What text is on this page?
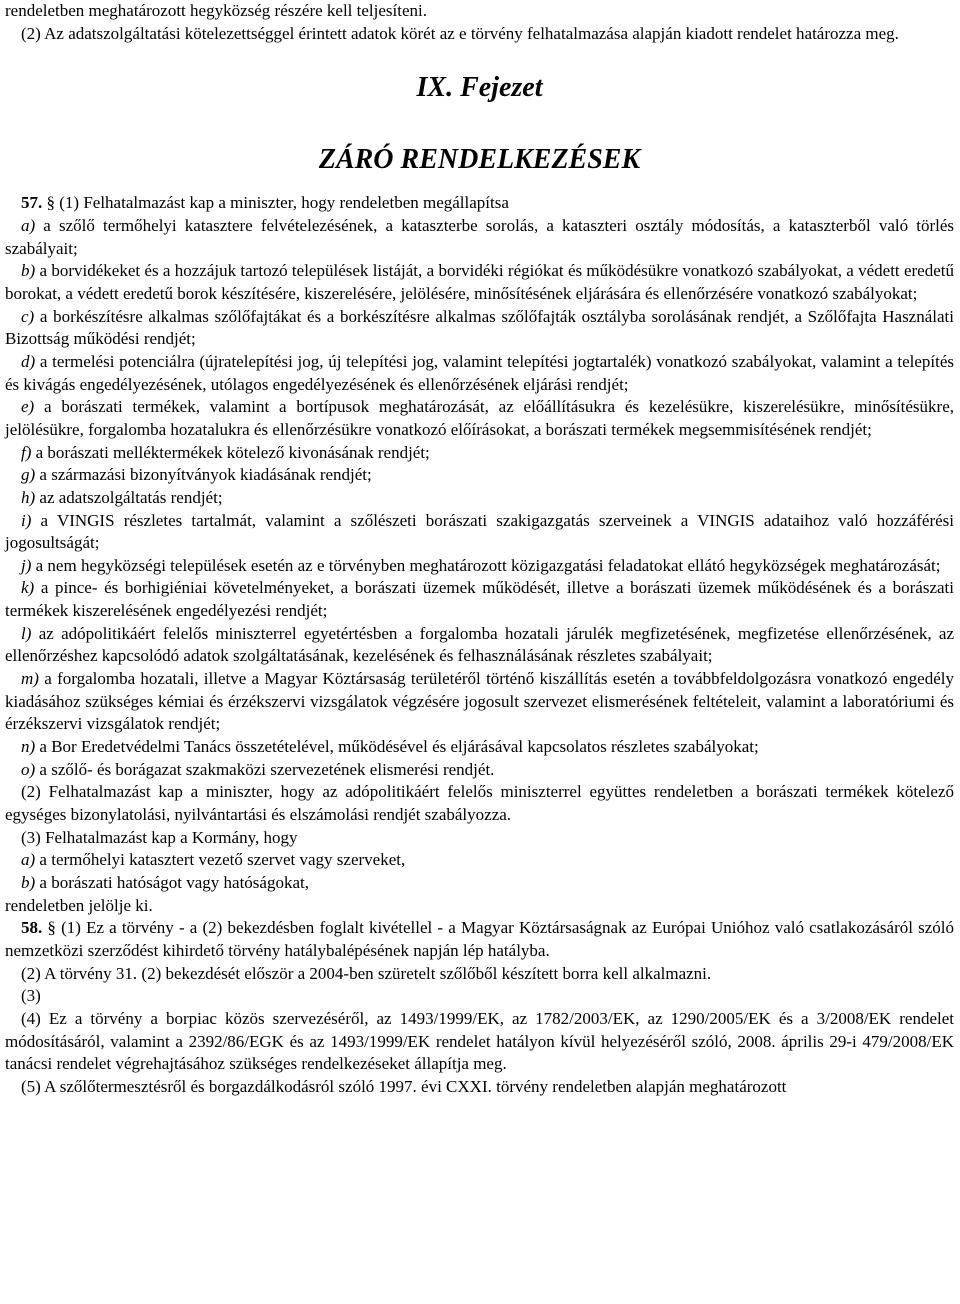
rendeletben meghatározott hegyközség részére kell teljesíteni.

(2) Az adatszolgáltatási kötelezettséggel érintett adatok körét az e törvény felhatalmazása alapján kiadott rendelet határozza meg.

IX. Fejezet
ZÁRÓ RENDELKEZÉSEK

57. § (1) Felhatalmazást kap a miniszter, hogy rendeletben megállapítsa

a) a szőlő termőhelyi katasztere felvételezésének, a kataszterbe sorolás, a kataszteri osztály módosítás, a kataszterből való törlés szabályait;

b) a borvidékeket és a hozzájuk tartozó települések listáját, a borvidéki régiókat és működésükre vonatkozó szabályokat, a védett eredetű borokat, a védett eredetű borok készítésére, kiszerelésére, jelölésére, minősítésének eljárására és ellenőrzésére vonatkozó szabályokat;

c) a borkészítésre alkalmas szőlőfajtákat és a borkészítésre alkalmas szőlőfajták osztályba sorolásának rendjét, a Szőlőfajta Használati Bizottság működési rendjét;

d) a termelési potenciálra (újratelepítési jog, új telepítési jog, valamint telepítési jogtartalék) vonatkozó szabályokat, valamint a telepítés és kivágás engedélyezésének, utólagos engedélyezésének és ellenőrzésének eljárási rendjét;

e) a borászati termékek, valamint a bortípusok meghatározását, az előállításukra és kezelésükre, kiszerelésükre, minősítésükre, jelölésükre, forgalomba hozatalukra és ellenőrzésükre vonatkozó előírásokat, a borászati termékek megsemmisítésének rendjét;

f) a borászati melléktermékek kötelező kivonásának rendjét;

g) a származási bizonyítványok kiadásának rendjét;

h) az adatszolgáltatás rendjét;

i) a VINGIS részletes tartalmát, valamint a szőlészeti borászati szakigazgatás szerveinek a VINGIS adataihoz való hozzáférési jogosultságát;

j) a nem hegyközségi települések esetén az e törvényben meghatározott közigazgatási feladatokat ellátó hegyközségek meghatározását;

k) a pince- és borhigiéniai követelményeket, a borászati üzemek működését, illetve a borászati üzemek működésének és a borászati termékek kiszerelésének engedélyezési rendjét;

l) az adópolitikáért felelős miniszterrel egyetértésben a forgalomba hozatali járulék megfizetésének, megfizetése ellenőrzésének, az ellenőrzéshez kapcsolódó adatok szolgáltatásának, kezelésének és felhasználásának részletes szabályait;

m) a forgalomba hozatali, illetve a Magyar Köztársaság területéről történő kiszállítás esetén a továbbfeldolgozásra vonatkozó engedély kiadásához szükséges kémiai és érzékszervi vizsgálatok végzésére jogosult szervezet elismerésének feltételeit, valamint a laboratóriumi és érzékszervi vizsgálatok rendjét;

n) a Bor Eredetvédelmi Tanács összetételével, működésével és eljárásával kapcsolatos részletes szabályokat;

o) a szőlő- és borágazat szakmaközi szervezetének elismerési rendjét.

(2) Felhatalmazást kap a miniszter, hogy az adópolitikáért felelős miniszterrel együttes rendeletben a borászati termékek kötelező egységes bizonylatolási, nyilvántartási és elszámolási rendjét szabályozza.

(3) Felhatalmazást kap a Kormány, hogy

a) a termőhelyi katasztert vezető szervet vagy szerveket,

b) a borászati hatóságot vagy hatóságokat,

rendeletben jelölje ki.

58. § (1) Ez a törvény - a (2) bekezdésben foglalt kivétellel - a Magyar Köztársaságnak az Európai Unióhoz való csatlakozásáról szóló nemzetközi szerződést kihirdető törvény hatálybalépésének napján lép hatályba.

(2) A törvény 31. (2) bekezdését először a 2004-ben szüretelt szőlőből készített borra kell alkalmazni.

(3)

(4) Ez a törvény a borpiac közös szervezéséről, az 1493/1999/EK, az 1782/2003/EK, az 1290/2005/EK és a 3/2008/EK rendelet módosításáról, valamint a 2392/86/EGK és az 1493/1999/EK rendelet hatályon kívül helyezéséről szóló, 2008. április 29-i 479/2008/EK tanácsi rendelet végrehajtásához szükséges rendelkezéseket állapítja meg.

(5) A szőlőtermesztésről és borgazdálkodásról szóló 1997. évi CXXI. törvény rendeletben alapján meghatározott
